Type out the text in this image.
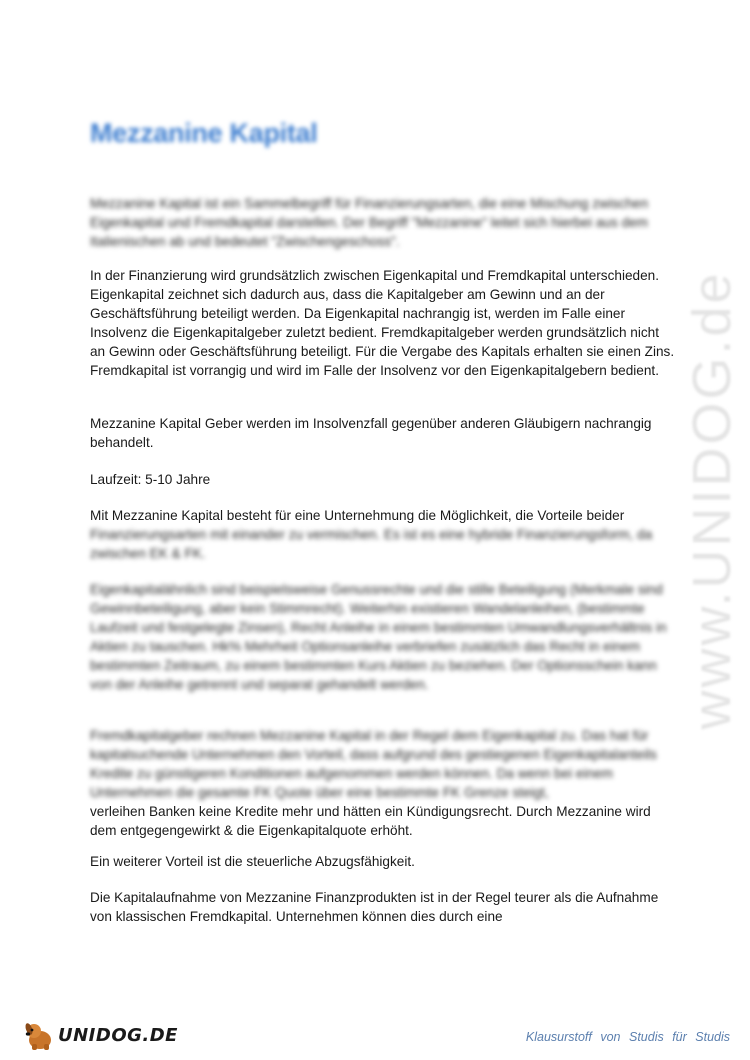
www.UNIDOG.de
Mezzanine Kapital

Mezzanine Kapital ist ein Sammelbegriff für Finanzierungsarten, die eine Mischung zwischen Eigenkapital und Fremdkapital darstellen. Der Begriff "Mezzanine" leitet sich hierbei aus dem Italienischen ab und bedeutet "Zwischengeschoss".

In der Finanzierung wird grundsätzlich zwischen Eigenkapital und Fremdkapital unterschieden. Eigenkapital zeichnet sich dadurch aus, dass die Kapitalgeber am Gewinn und an der Geschäftsführung beteiligt werden. Da Eigenkapital nachrangig ist, werden im Falle einer Insolvenz die Eigenkapitalgeber zuletzt bedient. Fremdkapitalgeber werden grundsätzlich nicht an Gewinn oder Geschäftsführung beteiligt. Für die Vergabe des Kapitals erhalten sie einen Zins. Fremdkapital ist vorrangig und wird im Falle der Insolvenz vor den Eigenkapitalgebern bedient.

Mezzanine Kapital Geber werden im Insolvenzfall gegenüber anderen Gläubigern nachrangig behandelt.

Laufzeit: 5-10 Jahre

Mit Mezzanine Kapital besteht für eine Unternehmung die Möglichkeit, die Vorteile beider
Finanzierungsarten mit einander zu vermischen. Es ist es eine hybride Finanzierungsform, da zwischen EK & FK.

Eigenkapitalähnlich sind beispielsweise Genussrechte und die stille Beteiligung (Merkmale sind Gewinnbeteiligung, aber kein Stimmrecht). Weiterhin existieren Wandelanleihen, (bestimmte Laufzeit und festgelegte Zinsen), Recht Anleihe in einem bestimmten Umwandlungsverhältnis in Aktien zu tauschen. Hk% Mehrheit Optionsanleihe verbriefen zusätzlich das Recht in einem bestimmten Zeitraum, zu einem bestimmten Kurs Aktien zu beziehen. Der Optionsschein kann von der Anleihe getrennt und separat gehandelt werden.

Fremdkapitalgeber rechnen Mezzanine Kapital in der Regel dem Eigenkapital zu. Das hat für kapitalsuchende Unternehmen den Vorteil, dass aufgrund des gestiegenen Eigenkapitalanteils Kredite zu günstigeren Konditionen aufgenommen werden können. Da wenn bei einem Unternehmen die gesamte FK Quote über eine bestimmte FK Grenze steigt,
verleihen Banken keine Kredite mehr und hätten ein Kündigungsrecht. Durch Mezzanine wird dem entgegengewirkt & die Eigenkapitalquote erhöht.

Ein weiterer Vorteil ist die steuerliche Abzugsfähigkeit.

Die Kapitalaufnahme von Mezzanine Finanzprodukten ist in der Regel teurer als die Aufnahme von klassischen Fremdkapital. Unternehmen können dies durch eine

UNIDOG.DE	Klausurstoff von Studis für Studis
